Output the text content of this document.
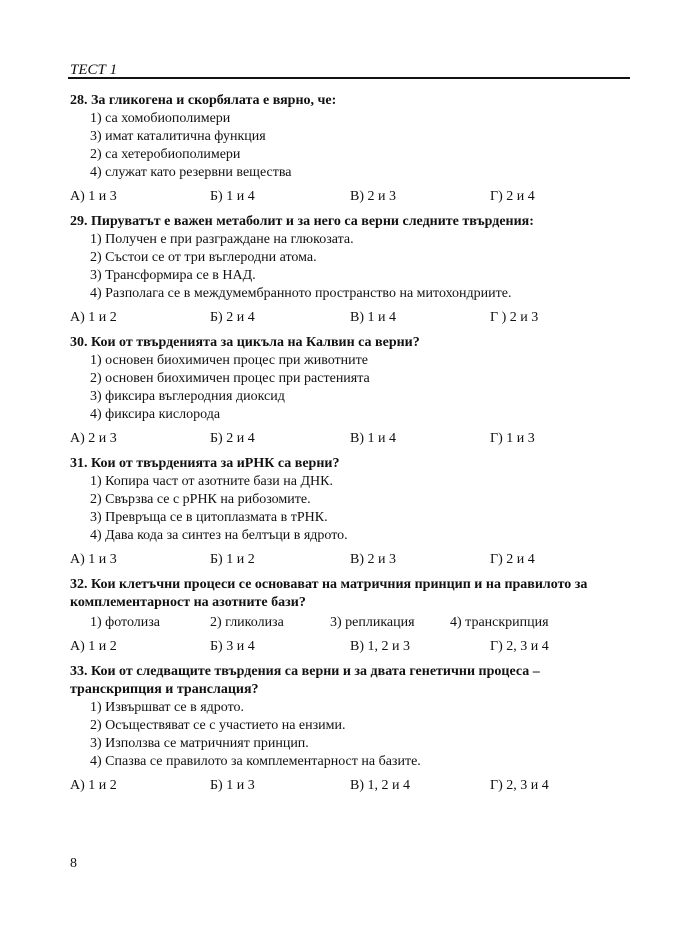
ТЕСТ 1
28. За гликогена и скорбялата е вярно, че:
1) са хомобиополимери
3) имат каталитична функция
2) са хетеробиополимери
4) служат като резервни вещества
А) 1 и 3	Б) 1 и 4	В) 2 и 3	Г) 2 и 4
29. Пируватът е важен метаболит и за него са верни следните твърдения:
1) Получен е при разграждане на глюкозата.
2) Състои се от три въглеродни атома.
3) Трансформира се в НАД.
4) Разполага се в междумембранното пространство на митохондриите.
А) 1 и 2	Б) 2 и 4	В) 1 и 4	Г ) 2 и 3
30. Кои от твърденията за цикъла на Калвин са верни?
1) основен биохимичен процес при животните
2) основен биохимичен процес при растенията
3) фиксира въглеродния диоксид
4) фиксира кислорода
А) 2 и 3	Б) 2 и 4	В) 1 и 4	Г) 1 и 3
31. Кои от твърденията за иРНК са верни?
1) Копира част от азотните бази на ДНК.
2) Свързва се с рРНК на рибозомите.
3) Превръща се в цитоплазмата в тРНК.
4) Дава кода за синтез на белтъци в ядрото.
А) 1 и 3	Б) 1 и 2	В) 2 и 3	Г) 2 и 4
32. Кои клетъчни процеси се основават на матричния принцип и на правилото за комплементарност на азотните бази?
1) фотолиза	2) гликолиза	3) репликация	4) транскрипция
А) 1 и 2	Б) 3 и 4	В) 1, 2 и 3	Г) 2, 3 и 4
33. Кои от следващите твърдения са верни и за двата генетични процеса – транскрипция и транслация?
1) Извършват се в ядрото.
2) Осъществяват се с участието на ензими.
3) Използва се матричният принцип.
4) Спазва се правилото за комплементарност на базите.
А) 1 и 2	Б) 1 и 3	В) 1, 2 и 4	Г) 2, 3 и 4
8
